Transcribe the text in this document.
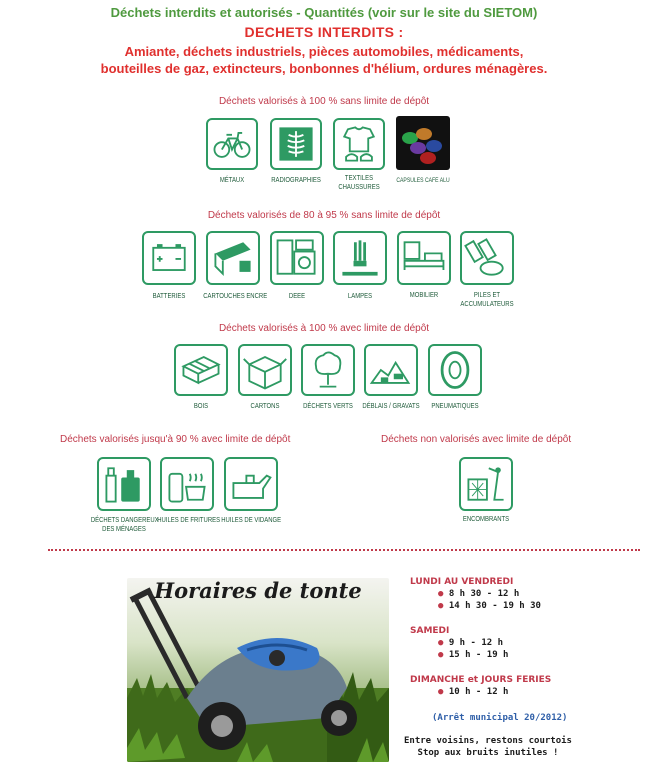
Déchets interdits et autorisés - Quantités (voir sur le site du SIETOM)
DECHETS INTERDITS :
Amiante, déchets industriels, pièces automobiles, médicaments,
bouteilles de gaz, extincteurs, bonbonnes d'hélium, ordures ménagères.
Déchets valorisés à 100 % sans limite de dépôt
MÉTAUX	RADIOGRAPHIES	TEXTILES
CHAUSSURES
CAPSULES CAFÉ ALU
Déchets valorisés de 80 à 95 % sans limite de dépôt
BATTERIES	CARTOUCHES ENCRE	DEEE	LAMPES	MOBILIER	PILES ET
ACCUMULATEURS
Déchets valorisés à 100 % avec limite de dépôt
BOIS	CARTONS	DÉCHETS VERTS	DÉBLAIS / GRAVATS	PNEUMATIQUES
Déchets valorisés jusqu'à 90 % avec limite de dépôt
DÉCHETS DANGEREUX
DES MÉNAGES
HUILES DE FRITURES HUILES DE VIDANGE
Déchets non valorisés avec limite de dépôt
ENCOMBRANTS
Horaires de tonte	LUNDI AU VENDREDI
● 8 h 30 - 12 h
● 14 h 30 - 19 h 30
SAMEDI
● 9 h - 12 h
● 15 h - 19 h
DIMANCHE et JOURS FERIES
● 10 h - 12 h
(Arrêt municipal 20/2012)
Entre voisins, restons courtois
Stop aux bruits inutiles !
